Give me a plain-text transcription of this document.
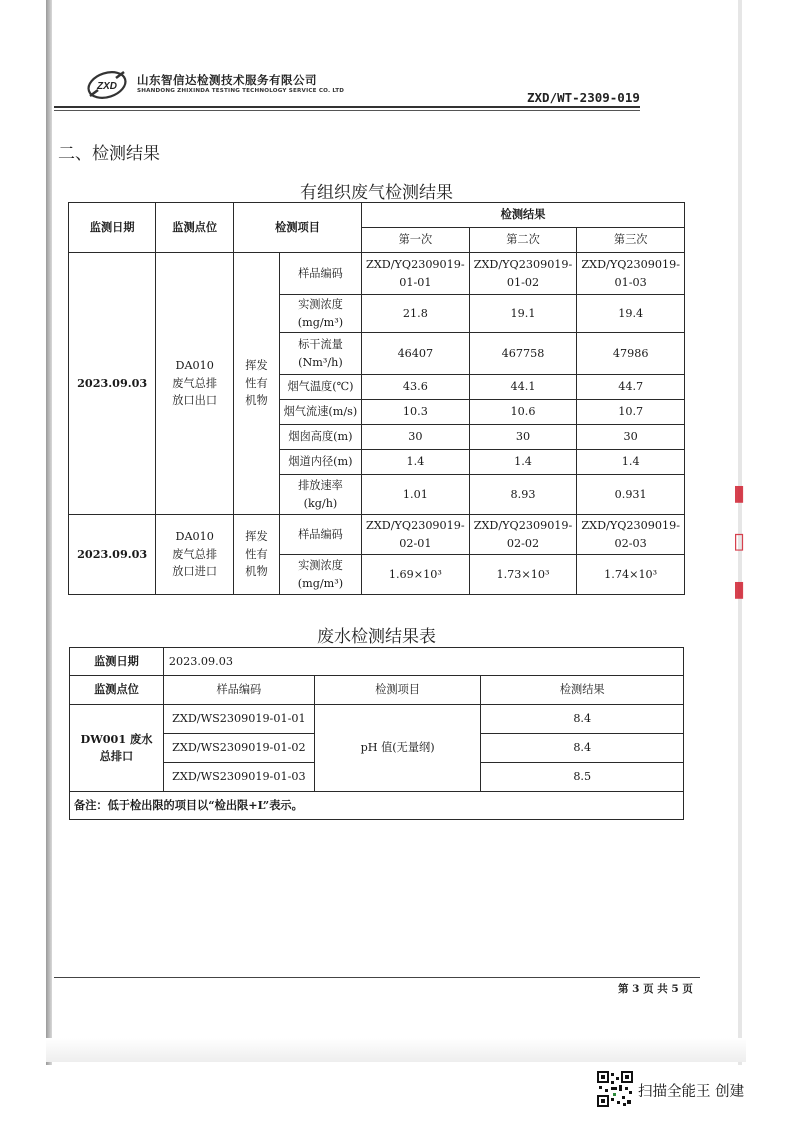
ZXD 山东智信达检测技术服务有限公司
SHANDONG ZHIXINDA TESTING TECHNOLOGY SERVICE CO. LTD	ZXD/WT-2309-019
二、检测结果
有组织废气检测结果
监测日期	监测点位	检测项目		检测结果		
				第一次	第二次	第三次
2023.09.03	DA010 废气总排放口出口	挥发性有机物	样品编码	ZXD/YQ2309019-01-01	ZXD/YQ2309019-01-02	ZXD/YQ2309019-01-03
			实测浓度(mg/m³)	21.8	19.1	19.4
			标干流量(Nm³/h)	46407	467758	47986
			烟气温度(℃)	43.6	44.1	44.7
			烟气流速(m/s)	10.3	10.6	10.7
			烟囱高度(m)	30	30	30
			烟道内径(m)	1.4	1.4	1.4
			排放速率(kg/h)	1.01	8.93	0.931
2023.09.03	DA010 废气总排放口进口	挥发性有机物	样品编码	ZXD/YQ2309019-02-01	ZXD/YQ2309019-02-02	ZXD/YQ2309019-02-03
			实测浓度(mg/m³)	1.69×10³	1.73×10³	1.74×10³
废水检测结果表
监测日期	2023.09.03		
监测点位	样品编码	检测项目	检测结果
DW001 废水总排口	ZXD/WS2309019-01-01	pH 值(无量纲)	8.4
	ZXD/WS2309019-01-02		8.4
	ZXD/WS2309019-01-03		8.5
备注：低于检出限的项目以“检出限+L”表示。			
第 3 页 共 5 页
▮
▯
▮
扫描全能王 创建
